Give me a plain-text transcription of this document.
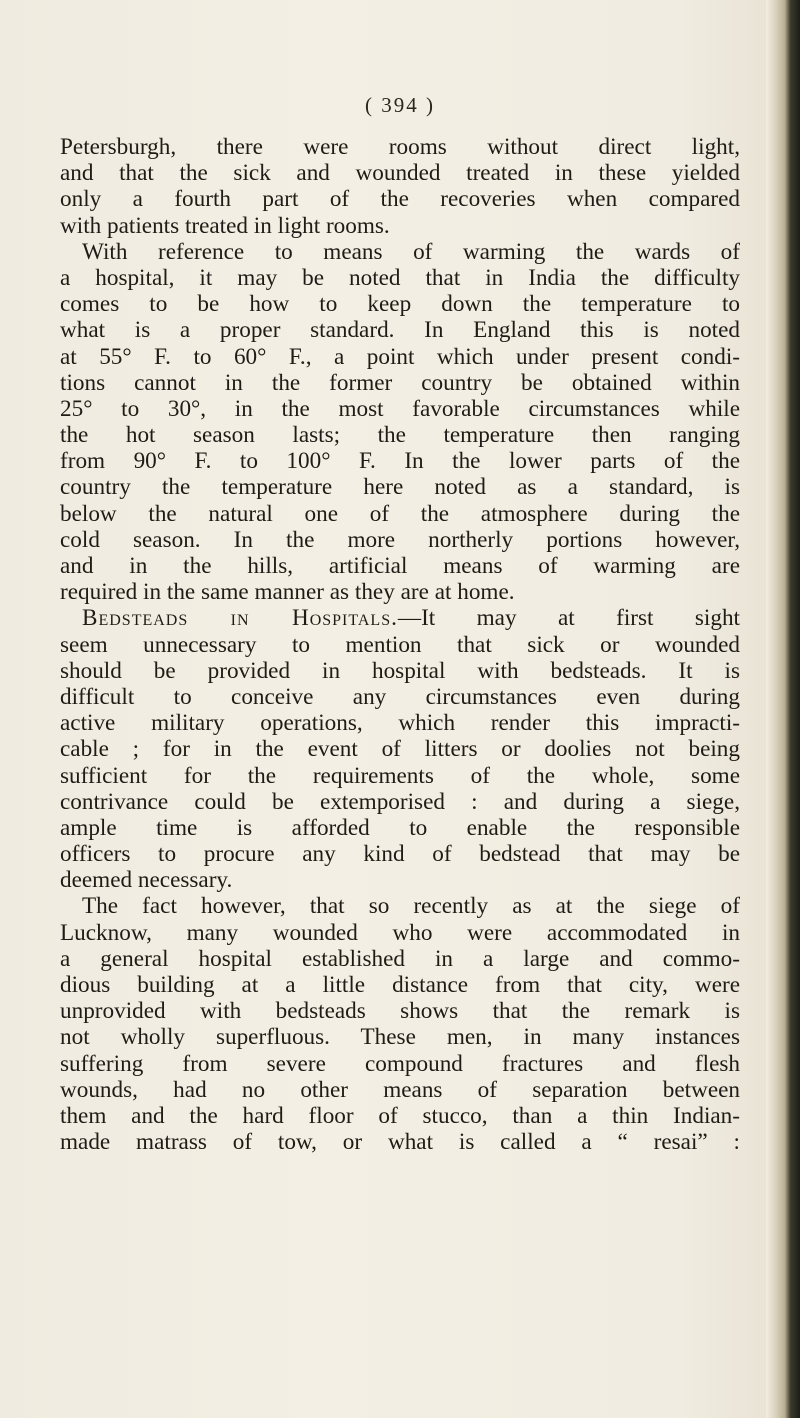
( 394 )
Petersburgh, there were rooms without direct light,
and that the sick and wounded treated in these yielded
only a fourth part of the recoveries when compared
with patients treated in light rooms.
With reference to means of warming the wards of
a hospital, it may be noted that in India the difficulty
comes to be how to keep down the temperature to
what is a proper standard. In England this is noted
at 55° F. to 60° F., a point which under present condi-
tions cannot in the former country be obtained within
25° to 30°, in the most favorable circumstances while
the hot season lasts; the temperature then ranging
from 90° F. to 100° F. In the lower parts of the
country the temperature here noted as a standard, is
below the natural one of the atmosphere during the
cold season. In the more northerly portions however,
and in the hills, artificial means of warming are
required in the same manner as they are at home.
Bedsteads in Hospitals.—It may at first sight
seem unnecessary to mention that sick or wounded
should be provided in hospital with bedsteads. It is
difficult to conceive any circumstances even during
active military operations, which render this impracti-
cable ; for in the event of litters or doolies not being
sufficient for the requirements of the whole, some
contrivance could be extemporised : and during a siege,
ample time is afforded to enable the responsible
officers to procure any kind of bedstead that may be
deemed necessary.
The fact however, that so recently as at the siege of
Lucknow, many wounded who were accommodated in
a general hospital established in a large and commo-
dious building at a little distance from that city, were
unprovided with bedsteads shows that the remark is
not wholly superfluous. These men, in many instances
suffering from severe compound fractures and flesh
wounds, had no other means of separation between
them and the hard floor of stucco, than a thin Indian-
made matrass of tow, or what is called a “ resai” :
